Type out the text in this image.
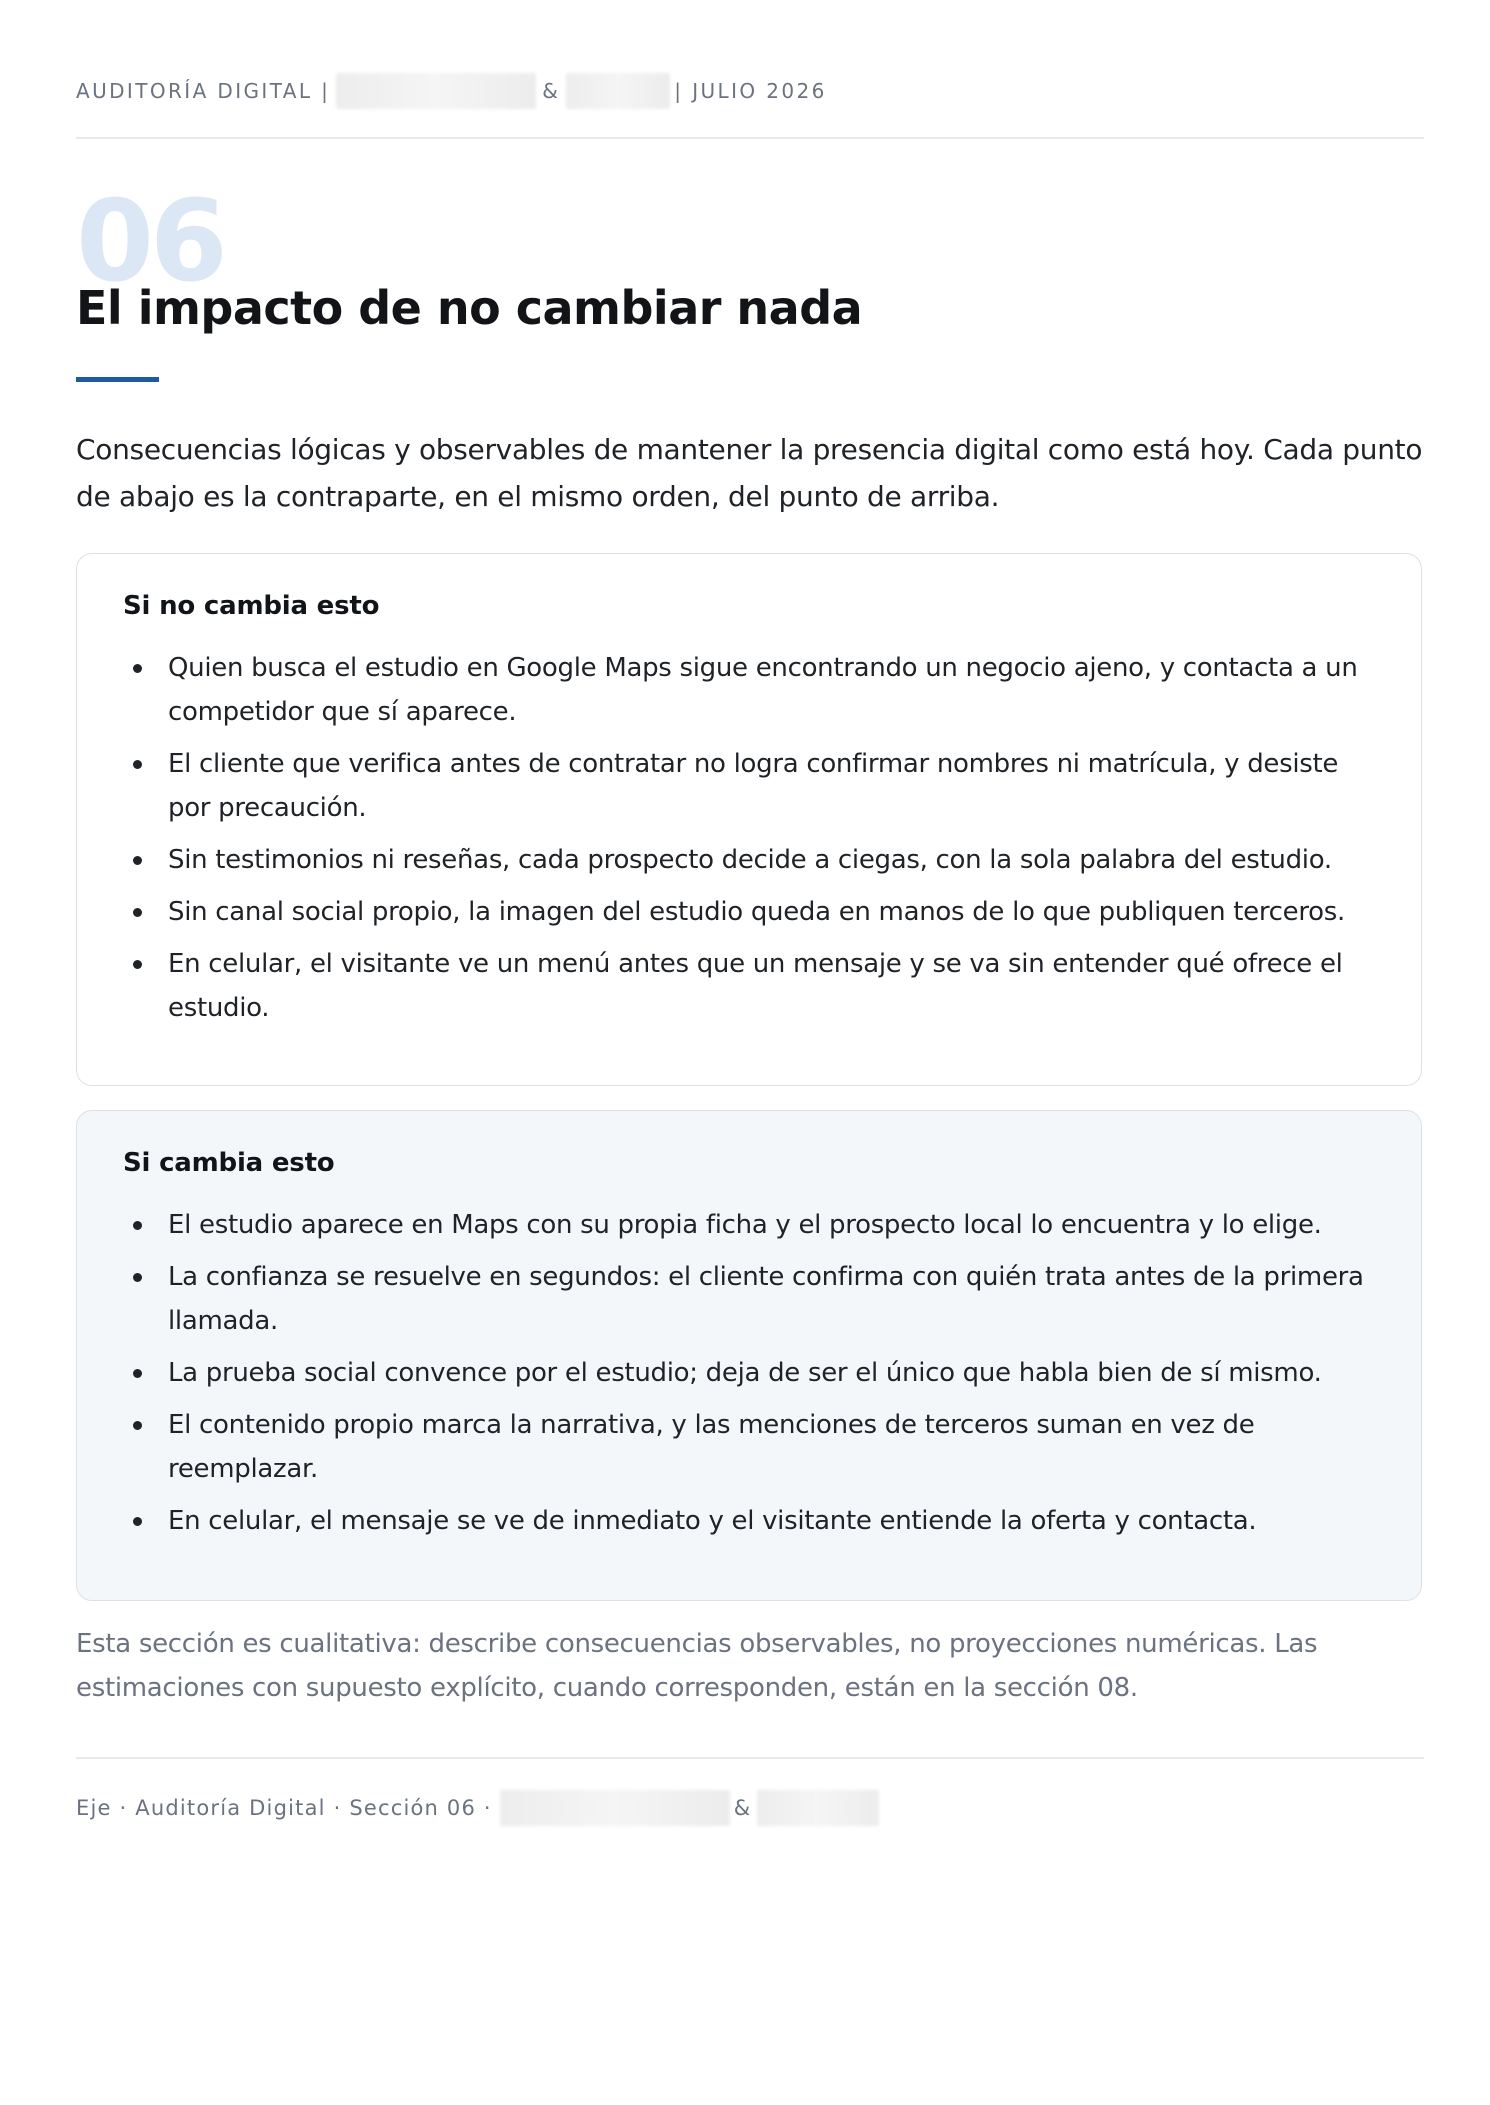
AUDITORÍA DIGITAL |	&	| JULIO 2026
06
El impacto de no cambiar nada

Consecuencias lógicas y observables de mantener la presencia digital como está hoy. Cada punto de abajo es la contraparte, en el mismo orden, del punto de arriba.

Si no cambia esto
Quien busca el estudio en Google Maps sigue encontrando un negocio ajeno, y contacta a un competidor que sí aparece.
El cliente que verifica antes de contratar no logra confirmar nombres ni matrícula, y desiste por precaución.
Sin testimonios ni reseñas, cada prospecto decide a ciegas, con la sola palabra del estudio.
Sin canal social propio, la imagen del estudio queda en manos de lo que publiquen terceros.
En celular, el visitante ve un menú antes que un mensaje y se va sin entender qué ofrece el estudio.
Si cambia esto
El estudio aparece en Maps con su propia ficha y el prospecto local lo encuentra y lo elige.
La confianza se resuelve en segundos: el cliente confirma con quién trata antes de la primera llamada.
La prueba social convence por el estudio; deja de ser el único que habla bien de sí mismo.
El contenido propio marca la narrativa, y las menciones de terceros suman en vez de reemplazar.
En celular, el mensaje se ve de inmediato y el visitante entiende la oferta y contacta.

Esta sección es cualitativa: describe consecuencias observables, no proyecciones numéricas. Las estimaciones con supuesto explícito, cuando corresponden, están en la sección 08.

Eje · Auditoría Digital · Sección 06 ·	&
